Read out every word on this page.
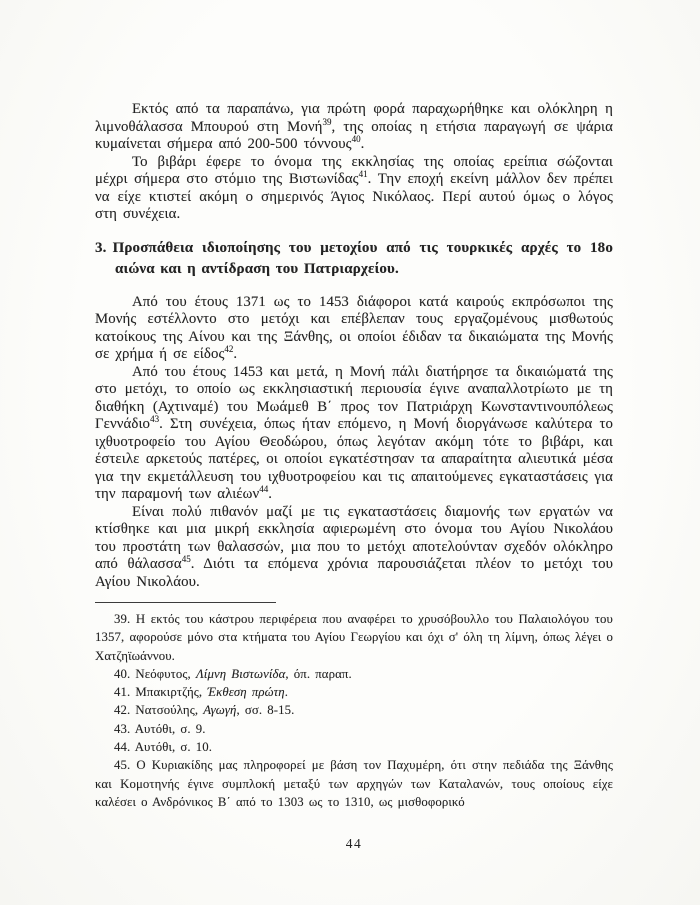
Εκτός από τα παραπάνω, για πρώτη φορά παραχωρήθηκε και ολόκληρη η λιμνοθάλασσα Μπουρού στη Μονή$^{39}$, της οποίας η ετήσια παραγωγή σε ψάρια κυμαίνεται σήμερα από 200-500 τόννους$^{40}$.

Το βιβάρι έφερε το όνομα της εκκλησίας της οποίας ερείπια σώζονται μέχρι σήμερα στο στόμιο της Βιστωνίδας$^{41}$. Την εποχή εκείνη μάλλον δεν πρέπει να είχε κτιστεί ακόμη ο σημερινός Άγιος Νικόλαος. Περί αυτού όμως ο λόγος στη συνέχεια.

3. Προσπάθεια ιδιοποίησης του μετοχίου από τις τουρκικές αρχές το 18ο αιώνα και η αντίδραση του Πατριαρχείου.

Από του έτους 1371 ως το 1453 διάφοροι κατά καιρούς εκπρόσωποι της Μονής εστέλλοντο στο μετόχι και επέβλεπαν τους εργαζομένους μισθωτούς κατοίκους της Αίνου και της Ξάνθης, οι οποίοι έδιδαν τα δικαιώματα της Μονής σε χρήμα ή σε είδος$^{42}$.

Από του έτους 1453 και μετά, η Μονή πάλι διατήρησε τα δικαιώματά της στο μετόχι, το οποίο ως εκκλησιαστική περιουσία έγινε αναπαλλοτρίωτο με τη διαθήκη (Αχτιναμέ) του Μωάμεθ Β΄ προς τον Πατριάρχη Κωνσταντινουπόλεως Γεννάδιο$^{43}$. Στη συνέχεια, όπως ήταν επόμενο, η Μονή διοργάνωσε καλύτερα το ιχθυοτροφείο του Αγίου Θεοδώρου, όπως λεγόταν ακόμη τότε το βιβάρι, και έστειλε αρκετούς πατέρες, οι οποίοι εγκατέστησαν τα απαραίτητα αλιευτικά μέσα για την εκμετάλλευση του ιχθυοτροφείου και τις απαιτούμενες εγκαταστάσεις για την παραμονή των αλιέων$^{44}$.

Είναι πολύ πιθανόν μαζί με τις εγκαταστάσεις διαμονής των εργατών να κτίσθηκε και μια μικρή εκκλησία αφιερωμένη στο όνομα του Αγίου Νικολάου του προστάτη των θαλασσών, μια που το μετόχι αποτελούνταν σχεδόν ολόκληρο από θάλασσα$^{45}$. Διότι τα επόμενα χρόνια παρουσιάζεται πλέον το μετόχι του Αγίου Νικολάου.

39. Η εκτός του κάστρου περιφέρεια που αναφέρει το χρυσόβουλλο του Παλαιολόγου του 1357, αφορούσε μόνο στα κτήματα του Αγίου Γεωργίου και όχι σ' όλη τη λίμνη, όπως λέγει ο Χατζηϊωάννου.

40. Νεόφυτος, Λίμνη Βιστωνίδα, όπ. παραπ.

41. Μπακιρτζής, Έκθεση πρώτη.

42. Νατσούλης, Αγωγή, σσ. 8-15.

43. Αυτόθι, σ. 9.

44. Αυτόθι, σ. 10.

45. Ο Κυριακίδης μας πληροφορεί με βάση τον Παχυμέρη, ότι στην πεδιάδα της Ξάνθης και Κομοτηνής έγινε συμπλοκή μεταξύ των αρχηγών των Καταλανών, τους οποίους είχε καλέσει ο Ανδρόνικος Β΄ από το 1303 ως το 1310, ως μισθοφορικό

44
